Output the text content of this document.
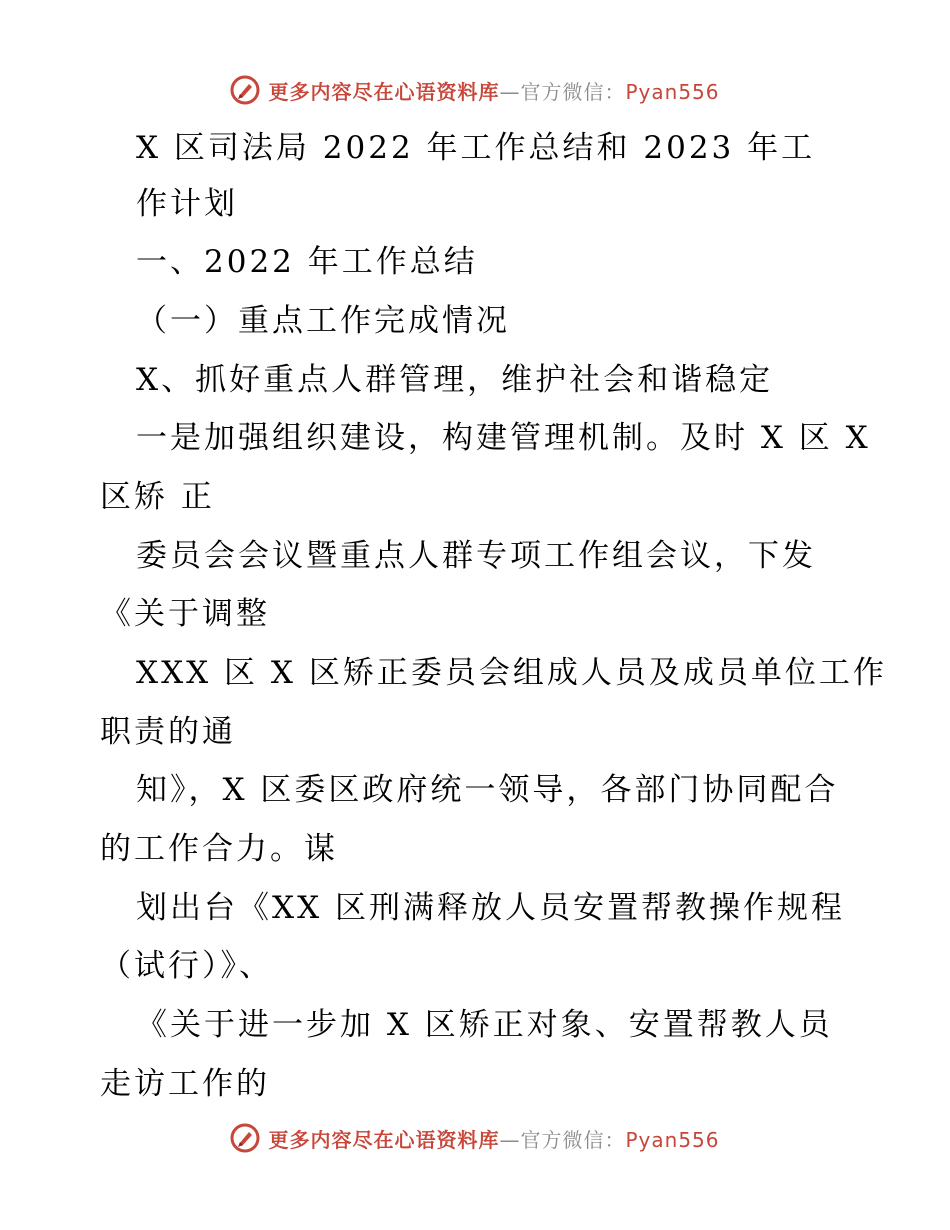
更多内容尽在心语资料库—官方微信：Pyan556
X 区司法局 2022 年工作总结和 2023 年工
作计划
一、2022 年工作总结
（一）重点工作完成情况
X、抓好重点人群管理，维护社会和谐稳定
一是加强组织建设，构建管理机制。及时 X 区 X
区矫 正
委员会会议暨重点人群专项工作组会议，下发
《关于调整
XXX 区 X 区矫正委员会组成人员及成员单位工作
职责的通
知》，X 区委区政府统一领导，各部门协同配合
的工作合力。谋
划出台《XX 区刑满释放人员安置帮教操作规程
（试行）》、
《关于进一步加 X 区矫正对象、安置帮教人员
走访工作的
更多内容尽在心语资料库—官方微信：Pyan556
